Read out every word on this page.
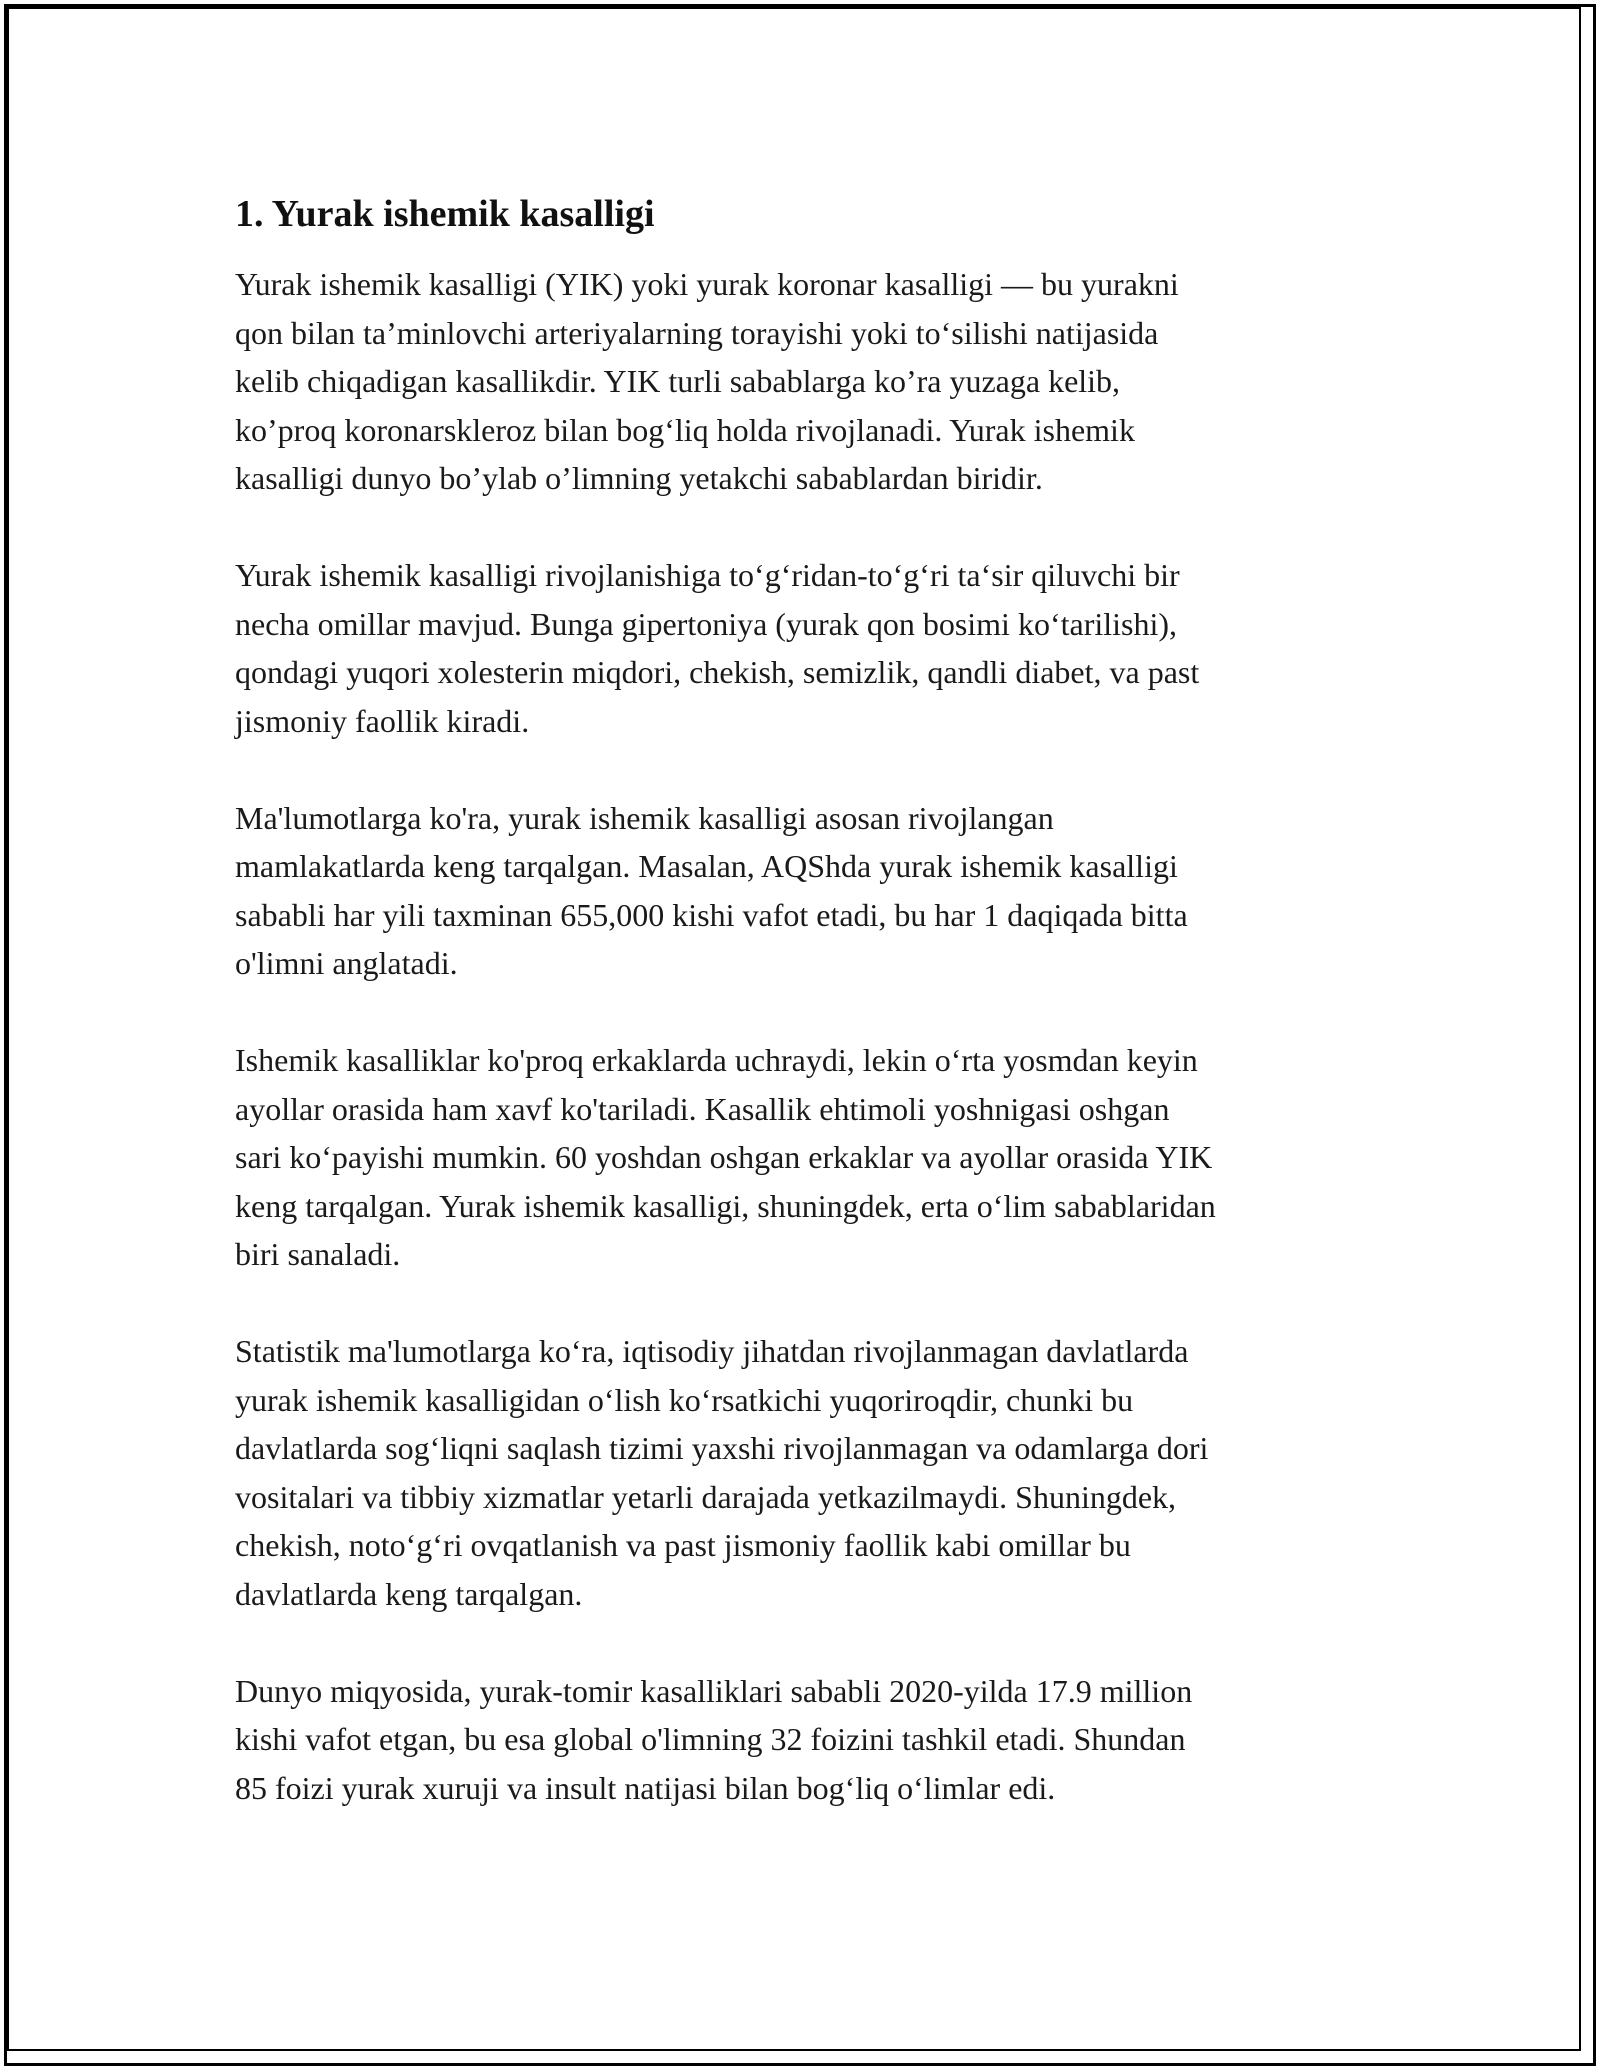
1. Yurak ishemik kasalligi

Yurak ishemik kasalligi (YIK) yoki yurak koronar kasalligi — bu yurakni
qon bilan ta’minlovchi arteriyalarning torayishi yoki to‘silishi natijasida
kelib chiqadigan kasallikdir. YIK turli sabablarga ko’ra yuzaga kelib,
ko’proq koronarskleroz bilan bog‘liq holda rivojlanadi. Yurak ishemik
kasalligi dunyo bo’ylab o’limning yetakchi sabablardan biridir.

Yurak ishemik kasalligi rivojlanishiga to‘g‘ridan-to‘g‘ri ta‘sir qiluvchi bir
necha omillar mavjud. Bunga gipertoniya (yurak qon bosimi ko‘tarilishi),
qondagi yuqori xolesterin miqdori, chekish, semizlik, qandli diabet, va past
jismoniy faollik kiradi.

Ma'lumotlarga ko'ra, yurak ishemik kasalligi asosan rivojlangan
mamlakatlarda keng tarqalgan. Masalan, AQShda yurak ishemik kasalligi
sababli har yili taxminan 655,000 kishi vafot etadi, bu har 1 daqiqada bitta
o'limni anglatadi.

Ishemik kasalliklar ko'proq erkaklarda uchraydi, lekin o‘rta yosmdan keyin
ayollar orasida ham xavf ko'tariladi. Kasallik ehtimoli yoshnigasi oshgan
sari ko‘payishi mumkin. 60 yoshdan oshgan erkaklar va ayollar orasida YIK
keng tarqalgan. Yurak ishemik kasalligi, shuningdek, erta o‘lim sabablaridan
biri sanaladi.

Statistik ma'lumotlarga ko‘ra, iqtisodiy jihatdan rivojlanmagan davlatlarda
yurak ishemik kasalligidan o‘lish ko‘rsatkichi yuqoriroqdir, chunki bu
davlatlarda sog‘liqni saqlash tizimi yaxshi rivojlanmagan va odamlarga dori
vositalari va tibbiy xizmatlar yetarli darajada yetkazilmaydi. Shuningdek,
chekish, noto‘g‘ri ovqatlanish va past jismoniy faollik kabi omillar bu
davlatlarda keng tarqalgan.

Dunyo miqyosida, yurak-tomir kasalliklari sababli 2020-yilda 17.9 million
kishi vafot etgan, bu esa global o'limning 32 foizini tashkil etadi. Shundan
85 foizi yurak xuruji va insult natijasi bilan bog‘liq o‘limlar edi.
